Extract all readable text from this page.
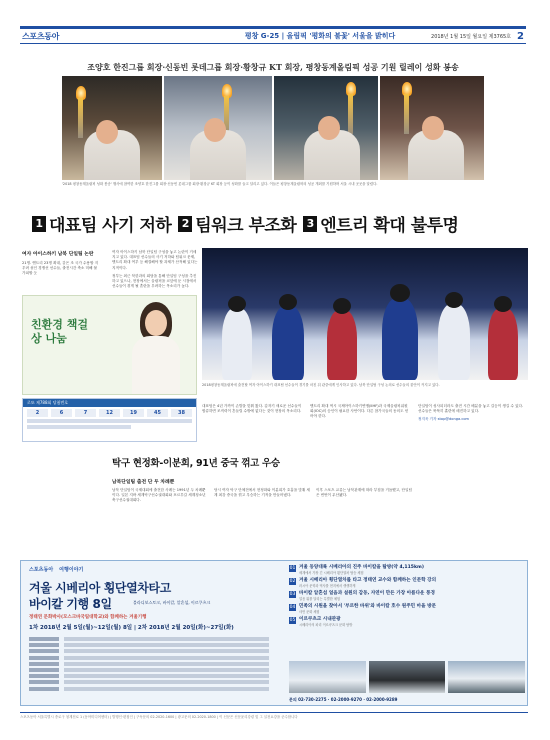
스포츠동아	평창 G-25 | 올림픽 '평화의 불꽃' 서울을 밝히다	2018년 1월 15일 월요일 제3765호 2
조양호 한진그룹 회장·신동빈 롯데그룹 회장·황창규 KT 회장, 평창동계올림픽 성공 기원 릴레이 성화 봉송
'2018 평창동계올림픽 성화 봉송' 행사에 참여한 조양호 한진그룹 회장·신동빈 롯데그룹 회장·황창규 KT 회장 등이 성화를 들고 달리고 있다. 이들은 평창동계올림픽의 성공 개최를 기원하며 서울 시내 곳곳을 달렸다.
1 대표팀 사기 저하 2 팀워크 부조화 3 엔트리 확대 불투명
여자 아이스하키 남북 단일팀 논란
21명. 엔트리 23명 확대, 같은 조 국가 수용할 지 우려 섞인 경쟁선 선수들, 출전시간 축소 미해 불가피할 듯
친환경 책걸상 나눔
로또 제788회 당첨번호
2	6	7	12	19	45	38
여자 아이스하키 남북 단일팀 구성을 놓고 논란이 거세지고 있다. 대표팀 선수들의 사기 저하와 팀워크 문제, 엔트리 확대 여부 등 해결해야 할 과제가 산적해 있다는 지적이다.
정부는 최근 북한과의 회담을 통해 단일팀 구성을 추진하고 있으나, 현장에서는 올림픽을 코앞에 둔 시점에서 선수들이 겪게 될 혼란을 우려하는 목소리가 높다.
2018평창동계올림픽에 출전할 여자 아이스하키 대표팀 선수들이 경기를 마친 뒤 관중에게 인사하고 있다. 남북 단일팀 구성 논의로 선수들의 불안이 커지고 있다.
대표팀은 4년 가까이 손발을 맞춰 왔다. 갑자기 새로운 선수들이 합류하면 조직력이 흔들릴 수밖에 없다는 것이 현장의 목소리다.
엔트리 확대 역시 국제아이스하키연맹(IIHF)과 국제올림픽위원회(IOC)의 승인이 필요한 사안이다. 다른 참가국들의 동의도 얻어야 한다.
단일팀이 성사되더라도 출전 시간 배분을 놓고 갈등이 생길 수 있다. 선수들은 묵묵히 훈련에 매진하고 있다.
정지욱 기자 stop@donga.com
탁구 현정화-이분희, 91년 중국 꺾고 우승
남북단일팀 출전 단 두 차례뿐
남북 단일팀이 국제대회에 출전한 사례는 1991년 두 차례뿐이다. 일본 지바 세계탁구선수권대회와 포르투갈 세계청소년축구선수권대회다.
당시 여자 탁구 단체전에서 현정화와 이분희가 호흡을 맞춰 세계 최강 중국을 꺾고 우승하는 기적을 만들어냈다.
이후 스포츠 교류는 남북관계에 따라 부침을 거듭했고, 단일팀은 번번이 무산됐다.
스포츠동아 여행이야기
겨울 시베리아 횡단열차타고
바이칼 기행 8일	블라디보스토크, 바이칼, 알혼섬, 이르쿠츠크
정태연 문화박사(모스크바국립대학교)와 함께하는 겨울기행
1차 2018년 2월 5일(월)~12일(월) 8일 | 2차 2018년 2월 20일(화)~27일(화)
01 겨울 동양대륙 시베리아의 진주 바이칼을 탐방(약 4,115km)
세계에서 가장 긴 시베리아 횡단열차 탑승 체험
02 겨울 시베리아 횡단열차를 타고 정태연 교수와 함께하는 인문학 강의
러시아 문학과 역사를 현지에서 생생하게
03 바이칼 알혼섬 얼음과 설원의 감동, 자연이 만든 가장 아름다운 풍경
얼음 위를 달리는 특별한 체험
04 민족의 시원을 찾아서 '부르한 바위'와 바이칼 호수 원주민 마을 방문
샤먼 문화 체험
05 이르쿠츠크 시내관광
시베리아의 파리 이르쿠츠크 문화 탐방
문의 02-730-2275 · 02-2000-9270 · 02-2000-9289
스포츠동아 서울특별시 종로구 청계천로 1 (동아미디어센터) | 발행인·편집인 | 구독문의 02-2020-1600 | 광고문의 02-2020-1800 | 이 신문은 신문윤리강령 및 그 실천요강을 준수합니다
